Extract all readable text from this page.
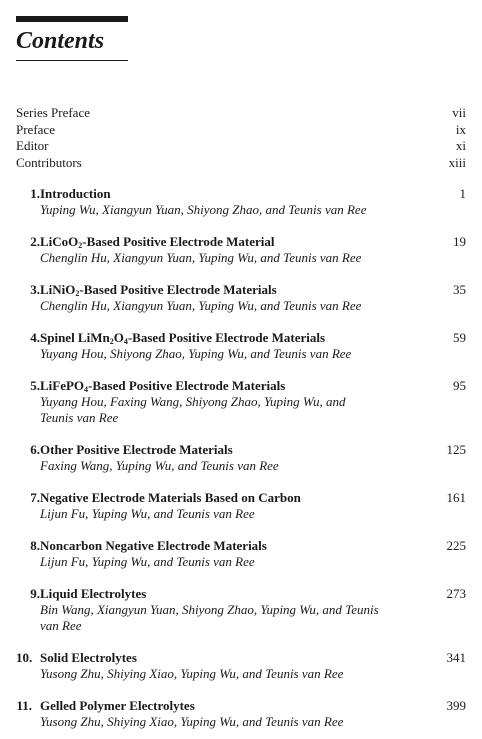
Contents
Series Preface	vii
Preface	ix
Editor	xi
Contributors	xiii
1. Introduction	1
Yuping Wu, Xiangyun Yuan, Shiyong Zhao, and Teunis van Ree
2. LiCoO$_2$-Based Positive Electrode Material	19
Chenglin Hu, Xiangyun Yuan, Yuping Wu, and Teunis van Ree
3. LiNiO$_2$-Based Positive Electrode Materials	35
Chenglin Hu, Xiangyun Yuan, Yuping Wu, and Teunis van Ree
4. Spinel $LiMn_2O_4$-Based Positive Electrode Materials	59
Yuyang Hou, Shiyong Zhao, Yuping Wu, and Teunis van Ree
5. LiFePO$_4$-Based Positive Electrode Materials	95
Yuyang Hou, Faxing Wang, Shiyong Zhao, Yuping Wu, and Teunis van Ree
6. Other Positive Electrode Materials	125
Faxing Wang, Yuping Wu, and Teunis van Ree
7. Negative Electrode Materials Based on Carbon	161
Lijun Fu, Yuping Wu, and Teunis van Ree
8. Noncarbon Negative Electrode Materials	225
Lijun Fu, Yuping Wu, and Teunis van Ree
9. Liquid Electrolytes	273
Bin Wang, Xiangyun Yuan, Shiyong Zhao, Yuping Wu, and Teunis van Ree
10. Solid Electrolytes	341
Yusong Zhu, Shiying Xiao, Yuping Wu, and Teunis van Ree
11. Gelled Polymer Electrolytes	399
Yusong Zhu, Shiying Xiao, Yuping Wu, and Teunis van Ree
